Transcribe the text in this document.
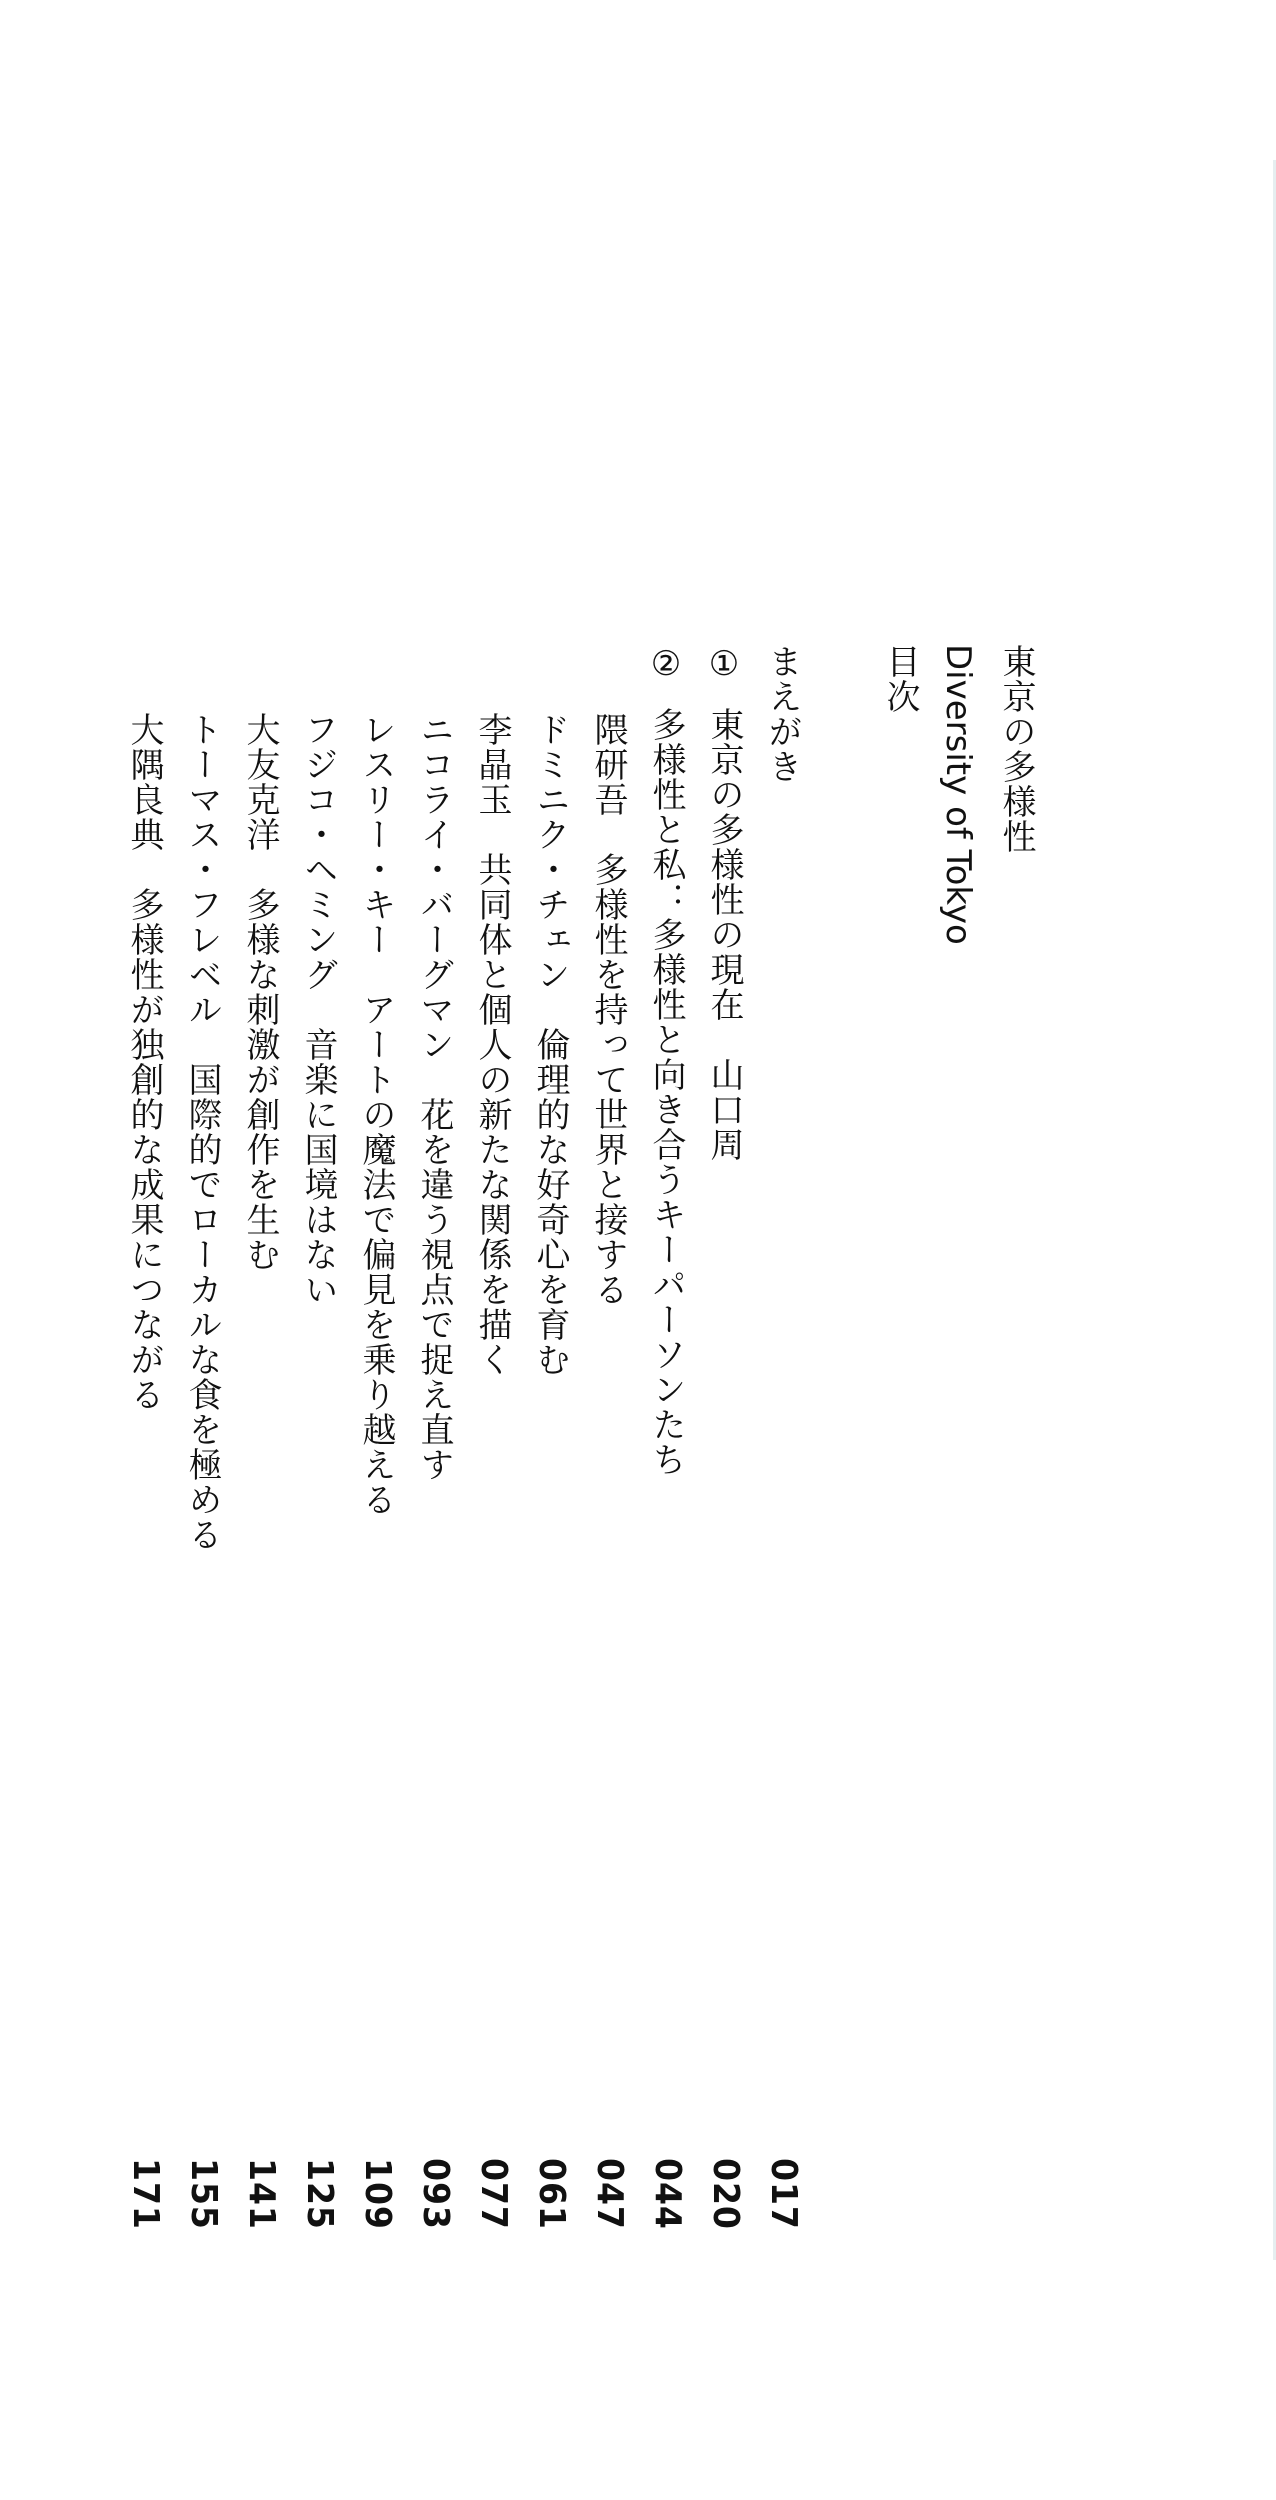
東京の多様性
Diversity of Tokyo
目次
まえがき
①東京の多様性の現在　山口周
②多様性と私：多様性と向き合うキーパーソンたち
隈研吾　多様性を持って世界と接する
ドミニク・チェン　倫理的な好奇心を育む
李晶玉　共同体と個人の新たな関係を描く
ニコライ・バーグマン　花を違う視点で捉え直す
レスリー・キー　アートの魔法で偏見を乗り越える
フジコ・ヘミング　音楽に国境はない
大友克洋　多様な刺激が創作を生む
トーマス・フレベル　国際的でローカルな食を極める
大隅良典　多様性が独創的な成果につながる
017
020
044
047
061
077
093
109
125
141
155
171
